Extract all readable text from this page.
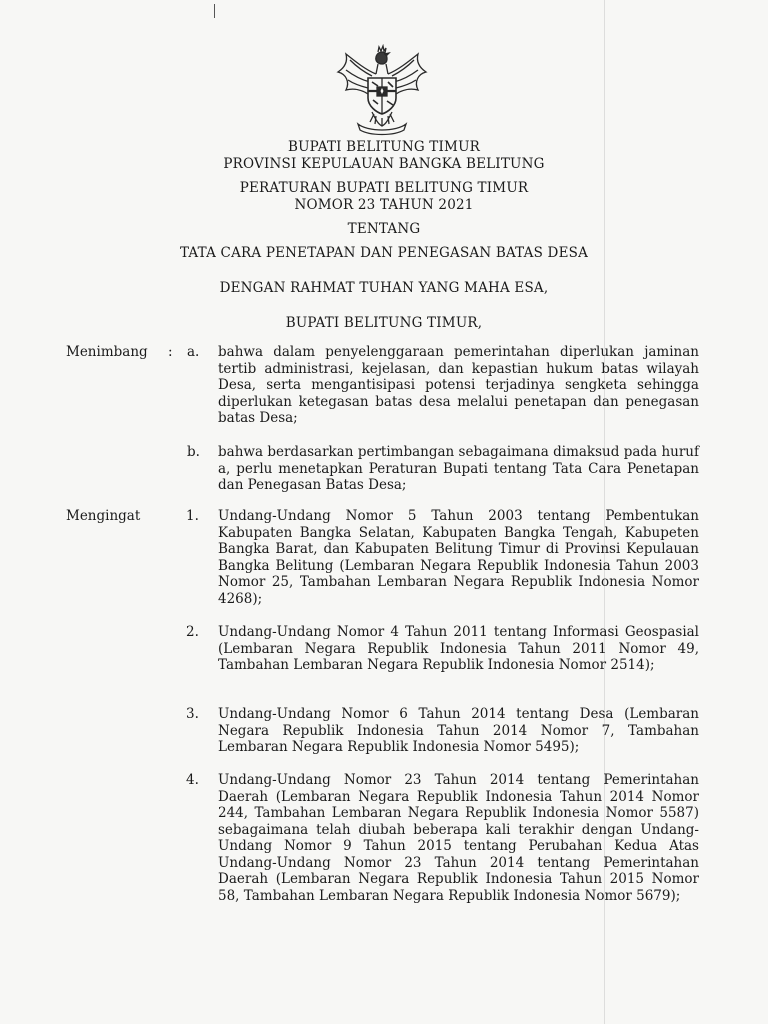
BUPATI BELITUNG TIMUR
PROVINSI KEPULAUAN BANGKA BELITUNG
PERATURAN BUPATI BELITUNG TIMUR
NOMOR 23 TAHUN 2021
TENTANG
TATA CARA PENETAPAN DAN PENEGASAN BATAS DESA
DENGAN RAHMAT TUHAN YANG MAHA ESA,
BUPATI BELITUNG TIMUR,
Menimbang : a. bahwa dalam penyelenggaraan pemerintahan diperlukan jaminan tertib administrasi, kejelasan, dan kepastian hukum batas wilayah Desa, serta mengantisipasi potensi terjadinya sengketa sehingga diperlukan ketegasan batas desa melalui penetapan dan penegasan batas Desa;
b. bahwa berdasarkan pertimbangan sebagaimana dimaksud pada huruf a, perlu menetapkan Peraturan Bupati tentang Tata Cara Penetapan dan Penegasan Batas Desa;
Mengingat	1. Undang-Undang Nomor 5 Tahun 2003 tentang Pembentukan Kabupaten Bangka Selatan, Kabupaten Bangka Tengah, Kabupeten Bangka Barat, dan Kabupaten Belitung Timur di Provinsi Kepulauan Bangka Belitung (Lembaran Negara Republik Indonesia Tahun 2003 Nomor 25, Tambahan Lembaran Negara Republik Indonesia Nomor 4268);
2. Undang-Undang Nomor 4 Tahun 2011 tentang Informasi Geospasial (Lembaran Negara Republik Indonesia Tahun 2011 Nomor 49, Tambahan Lembaran Negara Republik Indonesia Nomor 2514);
3. Undang-Undang Nomor 6 Tahun 2014 tentang Desa (Lembaran Negara Republik Indonesia Tahun 2014 Nomor 7, Tambahan Lembaran Negara Republik Indonesia Nomor 5495);
4. Undang-Undang Nomor 23 Tahun 2014 tentang Pemerintahan Daerah (Lembaran Negara Republik Indonesia Tahun 2014 Nomor 244, Tambahan Lembaran Negara Republik Indonesia Nomor 5587) sebagaimana telah diubah beberapa kali terakhir dengan Undang-Undang Nomor 9 Tahun 2015 tentang Perubahan Kedua Atas Undang-Undang Nomor 23 Tahun 2014 tentang Pemerintahan Daerah (Lembaran Negara Republik Indonesia Tahun 2015 Nomor 58, Tambahan Lembaran Negara Republik Indonesia Nomor 5679);
